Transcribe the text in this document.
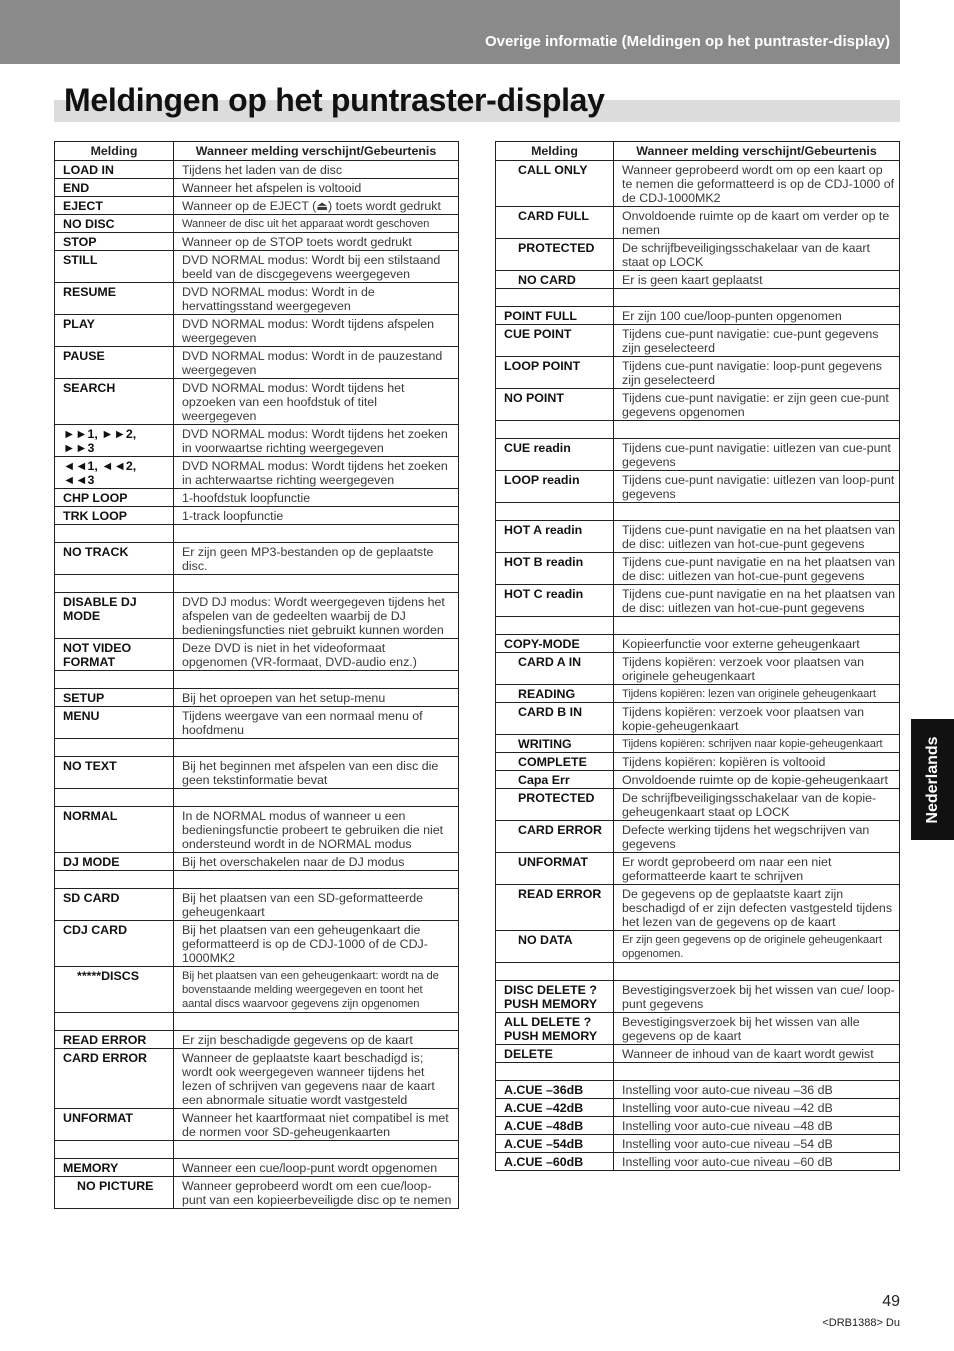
Overige informatie (Meldingen op het puntraster-display)
Meldingen op het puntraster-display
Melding	Wanneer melding verschijnt/Gebeurtenis
LOAD IN	Tijdens het laden van de disc
END	Wanneer het afspelen is voltooid
EJECT	Wanneer op de EJECT (⏏) toets wordt gedrukt
NO DISC	Wanneer de disc uit het apparaat wordt geschoven
STOP	Wanneer op de STOP toets wordt gedrukt
STILL	DVD NORMAL modus: Wordt bij een stilstaand beeld van de discgegevens weergegeven
RESUME	DVD NORMAL modus: Wordt in de hervattingsstand weergegeven
PLAY	DVD NORMAL modus: Wordt tijdens afspelen weergegeven
PAUSE	DVD NORMAL modus: Wordt in de pauzestand weergegeven
SEARCH	DVD NORMAL modus: Wordt tijdens het opzoeken van een hoofdstuk of titel weergegeven
►►1, ►►2, ►►3	DVD NORMAL modus: Wordt tijdens het zoeken in voorwaartse richting weergegeven
◄◄1, ◄◄2, ◄◄3	DVD NORMAL modus: Wordt tijdens het zoeken in achterwaartse richting weergegeven
CHP LOOP	1-hoofdstuk loopfunctie
TRK LOOP	1-track loopfunctie

NO TRACK	Er zijn geen MP3-bestanden op de geplaatste disc.

DISABLE DJ MODE	DVD DJ modus: Wordt weergegeven tijdens het afspelen van de gedeelten waarbij de DJ bedieningsfuncties niet gebruikt kunnen worden
NOT VIDEO FORMAT	Deze DVD is niet in het videoformaat opgenomen (VR-formaat, DVD-audio enz.)

SETUP	Bij het oproepen van het setup-menu
MENU	Tijdens weergave van een normaal menu of hoofdmenu

NO TEXT	Bij het beginnen met afspelen van een disc die geen tekstinformatie bevat

NORMAL	In de NORMAL modus of wanneer u een bedieningsfunctie probeert te gebruiken die niet ondersteund wordt in de NORMAL modus
DJ MODE	Bij het overschakelen naar de DJ modus

SD CARD	Bij het plaatsen van een SD-geformatteerde geheugenkaart
CDJ CARD	Bij het plaatsen van een geheugenkaart die geformatteerd is op de CDJ-1000 of de CDJ-1000MK2
*****DISCS	Bij het plaatsen van een geheugenkaart: wordt na de bovenstaande melding weergegeven en toont het aantal discs waarvoor gegevens zijn opgenomen

READ ERROR	Er zijn beschadigde gegevens op de kaart
CARD ERROR	Wanneer de geplaatste kaart beschadigd is; wordt ook weergegeven wanneer tijdens het lezen of schrijven van gegevens naar de kaart een abnormale situatie wordt vastgesteld
UNFORMAT	Wanneer het kaartformaat niet compatibel is met de normen voor SD-geheugenkaarten

MEMORY	Wanneer een cue/loop-punt wordt opgenomen
NO PICTURE	Wanneer geprobeerd wordt om een cue/loop-punt van een kopieerbeveiligde disc op te nemen
Melding	Wanneer melding verschijnt/Gebeurtenis
CALL ONLY	Wanneer geprobeerd wordt om op een kaart op te nemen die geformatteerd is op de CDJ-1000 of de CDJ-1000MK2
CARD FULL	Onvoldoende ruimte op de kaart om verder op te nemen
PROTECTED	De schrijfbeveiligingsschakelaar van de kaart staat op LOCK
NO CARD	Er is geen kaart geplaatst

POINT FULL	Er zijn 100 cue/loop-punten opgenomen
CUE POINT	Tijdens cue-punt navigatie: cue-punt gegevens zijn geselecteerd
LOOP POINT	Tijdens cue-punt navigatie: loop-punt gegevens zijn geselecteerd
NO POINT	Tijdens cue-punt navigatie: er zijn geen cue-punt gegevens opgenomen

CUE readin	Tijdens cue-punt navigatie: uitlezen van cue-punt gegevens
LOOP readin	Tijdens cue-punt navigatie: uitlezen van loop-punt gegevens

HOT A readin	Tijdens cue-punt navigatie en na het plaatsen van de disc: uitlezen van hot-cue-punt gegevens
HOT B readin	Tijdens cue-punt navigatie en na het plaatsen van de disc: uitlezen van hot-cue-punt gegevens
HOT C readin	Tijdens cue-punt navigatie en na het plaatsen van de disc: uitlezen van hot-cue-punt gegevens

COPY-MODE	Kopieerfunctie voor externe geheugenkaart
CARD A IN	Tijdens kopiëren: verzoek voor plaatsen van originele geheugenkaart
READING	Tijdens kopiëren: lezen van originele geheugenkaart
CARD B IN	Tijdens kopiëren: verzoek voor plaatsen van kopie-geheugenkaart
WRITING	Tijdens kopiëren: schrijven naar kopie-geheugenkaart
COMPLETE	Tijdens kopiëren: kopiëren is voltooid
Capa Err	Onvoldoende ruimte op de kopie-geheugenkaart
PROTECTED	De schrijfbeveiligingsschakelaar van de kopie-geheugenkaart staat op LOCK
CARD ERROR	Defecte werking tijdens het wegschrijven van gegevens
UNFORMAT	Er wordt geprobeerd om naar een niet geformatteerde kaart te schrijven
READ ERROR	De gegevens op de geplaatste kaart zijn beschadigd of er zijn defecten vastgesteld tijdens het lezen van de gegevens op de kaart
NO DATA	Er zijn geen gegevens op de originele geheugenkaart opgenomen.

DISC DELETE ? PUSH MEMORY	Bevestigingsverzoek bij het wissen van cue/ loop-punt gegevens
ALL DELETE ? PUSH MEMORY	Bevestigingsverzoek bij het wissen van alle gegevens op de kaart
DELETE	Wanneer de inhoud van de kaart wordt gewist

A.CUE –36dB	Instelling voor auto-cue niveau –36 dB
A.CUE –42dB	Instelling voor auto-cue niveau –42 dB
A.CUE –48dB	Instelling voor auto-cue niveau –48 dB
A.CUE –54dB	Instelling voor auto-cue niveau –54 dB
A.CUE –60dB	Instelling voor auto-cue niveau –60 dB
Nederlands
49
<DRB1388> Du
